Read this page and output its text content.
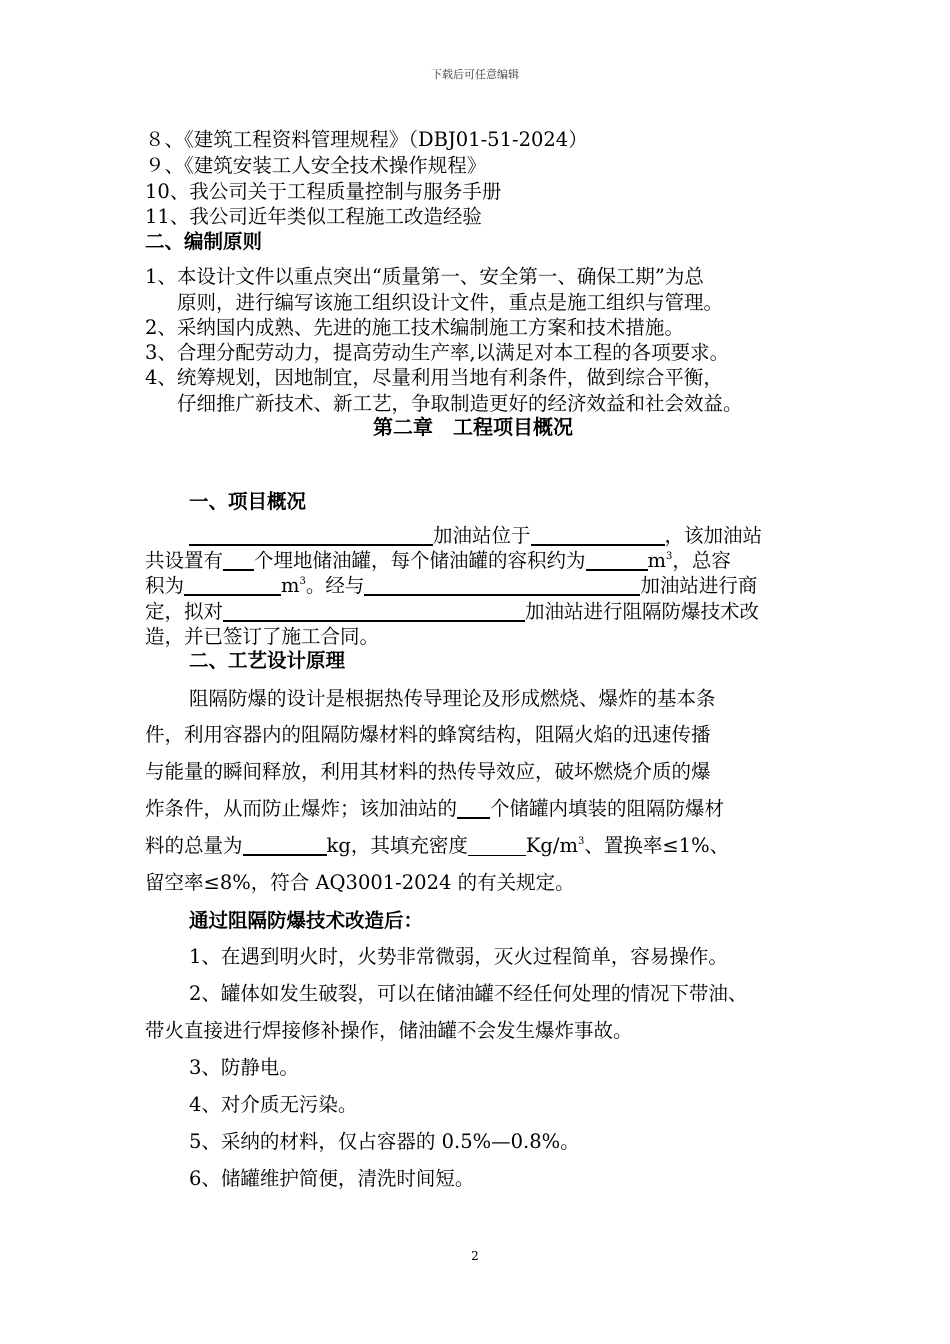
下载后可任意编辑
８、《建筑工程资料管理规程》（DBJ01-51-2024）
９、《建筑安装工人安全技术操作规程》
10、我公司关于工程质量控制与服务手册
11、我公司近年类似工程施工改造经验
二、编制原则
1、本设计文件以重点突出“质量第一、安全第一、确保工期”为总
原则，进行编写该施工组织设计文件，重点是施工组织与管理。
2、采纳国内成熟、先进的施工技术编制施工方案和技术措施。
3、合理分配劳动力，提高劳动生产率,以满足对本工程的各项要求。
4、统筹规划，因地制宜，尽量利用当地有利条件，做到综合平衡，
仔细推广新技术、新工艺，争取制造更好的经济效益和社会效益。
第二章　工程项目概况
一、项目概况
加油站位于	，该加油站
共设置有 个埋地储油罐，每个储油罐的容积约为	$m^3$，总容
积为	$m^3$。经与	加油站进行商
定，拟对	加油站进行阻隔防爆技术改
造，并已签订了施工合同。
二、工艺设计原理
阻隔防爆的设计是根据热传导理论及形成燃烧、爆炸的基本条
件，利用容器内的阻隔防爆材料的蜂窝结构，阻隔火焰的迅速传播
与能量的瞬间释放，利用其材料的热传导效应，破坏燃烧介质的爆
炸条件，从而防止爆炸；该加油站的 个储罐内填装的阻隔防爆材
料的总量为	kg，其填充密度	$Kg/m^3$、置换率≤1%、
留空率≤8%，符合 AQ3001-2024 的有关规定。
通过阻隔防爆技术改造后：
1、在遇到明火时，火势非常微弱，灭火过程简单，容易操作。
2、罐体如发生破裂，可以在储油罐不经任何处理的情况下带油、
带火直接进行焊接修补操作，储油罐不会发生爆炸事故。
3、防静电。
4、对介质无污染。
5、采纳的材料，仅占容器的 0.5%—0.8%。
6、储罐维护简便，清洗时间短。
2
